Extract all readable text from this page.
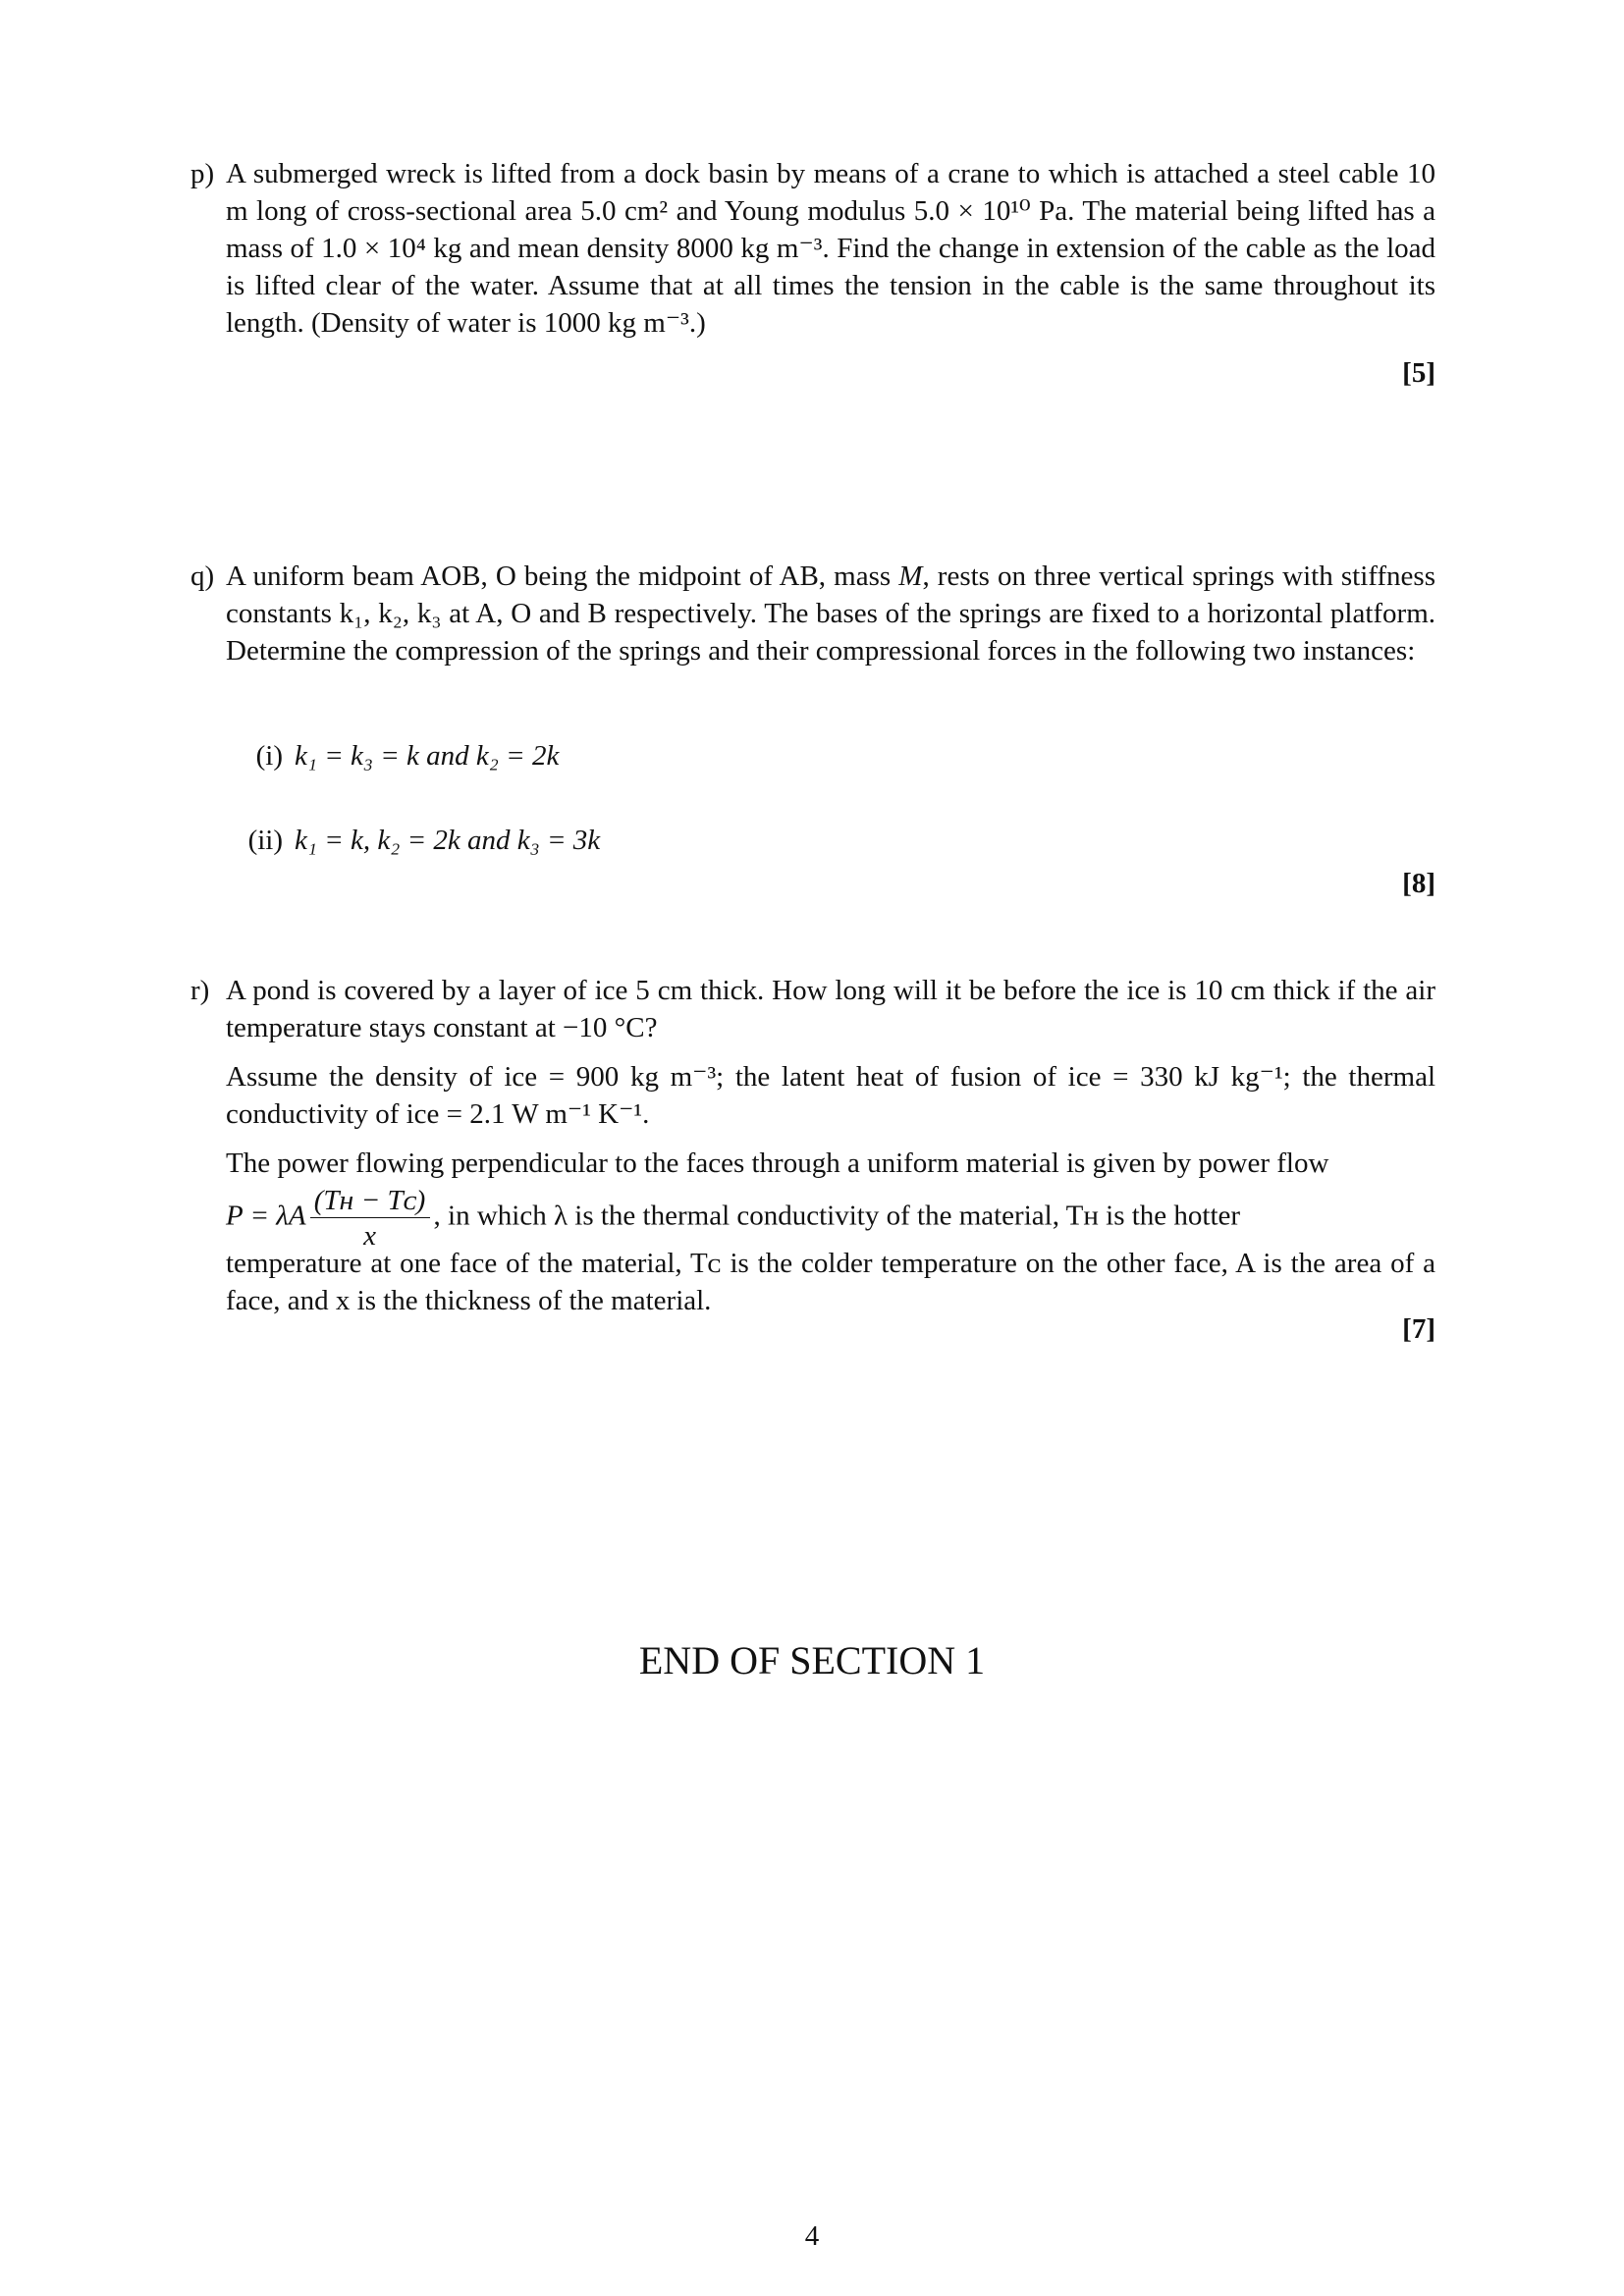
p) A submerged wreck is lifted from a dock basin by means of a crane to which is attached a steel cable 10 m long of cross-sectional area 5.0 cm² and Young modulus 5.0 × 10¹⁰ Pa. The material being lifted has a mass of 1.0 × 10⁴ kg and mean density 8000 kg m⁻³. Find the change in extension of the cable as the load is lifted clear of the water. Assume that at all times the tension in the cable is the same throughout its length. (Density of water is 1000 kg m⁻³.)

[5]
q) A uniform beam AOB, O being the midpoint of AB, mass M, rests on three vertical springs with stiffness constants k₁, k₂, k₃ at A, O and B respectively. The bases of the springs are fixed to a horizontal platform. Determine the compression of the springs and their compressional forces in the following two instances:

(i) k₁ = k₃ = k and k₂ = 2k
(ii) k₁ = k, k₂ = 2k and k₃ = 3k
[8]
r) A pond is covered by a layer of ice 5 cm thick. How long will it be before the ice is 10 cm thick if the air temperature stays constant at −10 °C?

Assume the density of ice = 900 kg m⁻³; the latent heat of fusion of ice = 330 kJ kg⁻¹; the thermal conductivity of ice = 2.1 W m⁻¹ K⁻¹.

The power flowing perpendicular to the faces through a uniform material is given by power flow

P = λA $\frac{\text{(Tʜ − Tᴄ)}}{x}$ , in which λ is the thermal conductivity of the material, Tʜ is the hotter

temperature at one face of the material, Tᴄ is the colder temperature on the other face, A is the area of a face, and x is the thickness of the material.

[7]
END OF SECTION 1
4
